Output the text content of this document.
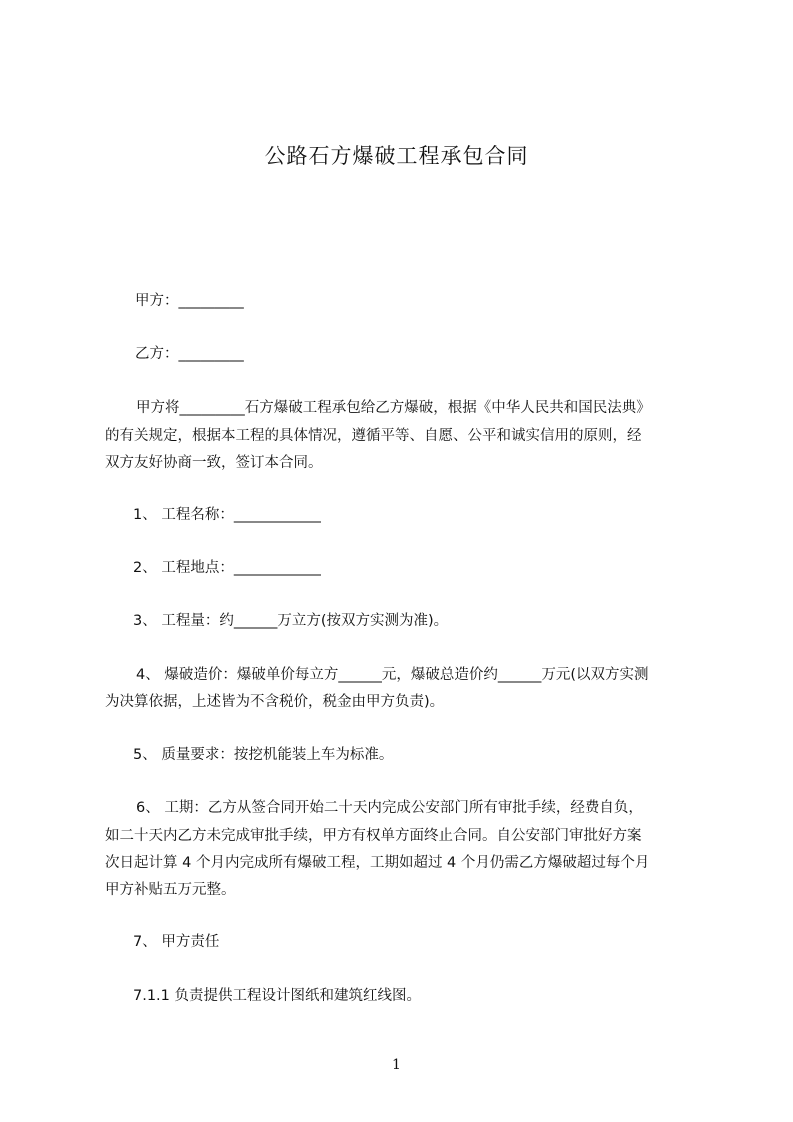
公路石方爆破工程承包合同

甲方：_________

乙方：_________

甲方将_________石方爆破工程承包给乙方爆破，根据《中华人民共和国民法典》

的有关规定，根据本工程的具体情况，遵循平等、自愿、公平和诚实信用的原则，经

双方友好协商一致，签订本合同。

1、 工程名称：____________

2、 工程地点：____________

3、 工程量：约______万立方(按双方实测为准)。

4、 爆破造价：爆破单价每立方______元，爆破总造价约______万元(以双方实测

为决算依据，上述皆为不含税价，税金由甲方负责)。

5、 质量要求：按挖机能装上车为标准。

6、 工期：乙方从签合同开始二十天内完成公安部门所有审批手续，经费自负，

如二十天内乙方未完成审批手续，甲方有权单方面终止合同。自公安部门审批好方案

次日起计算 4 个月内完成所有爆破工程，工期如超过 4 个月仍需乙方爆破超过每个月

甲方补贴五万元整。

7、 甲方责任

7.1.1 负责提供工程设计图纸和建筑红线图。

1
